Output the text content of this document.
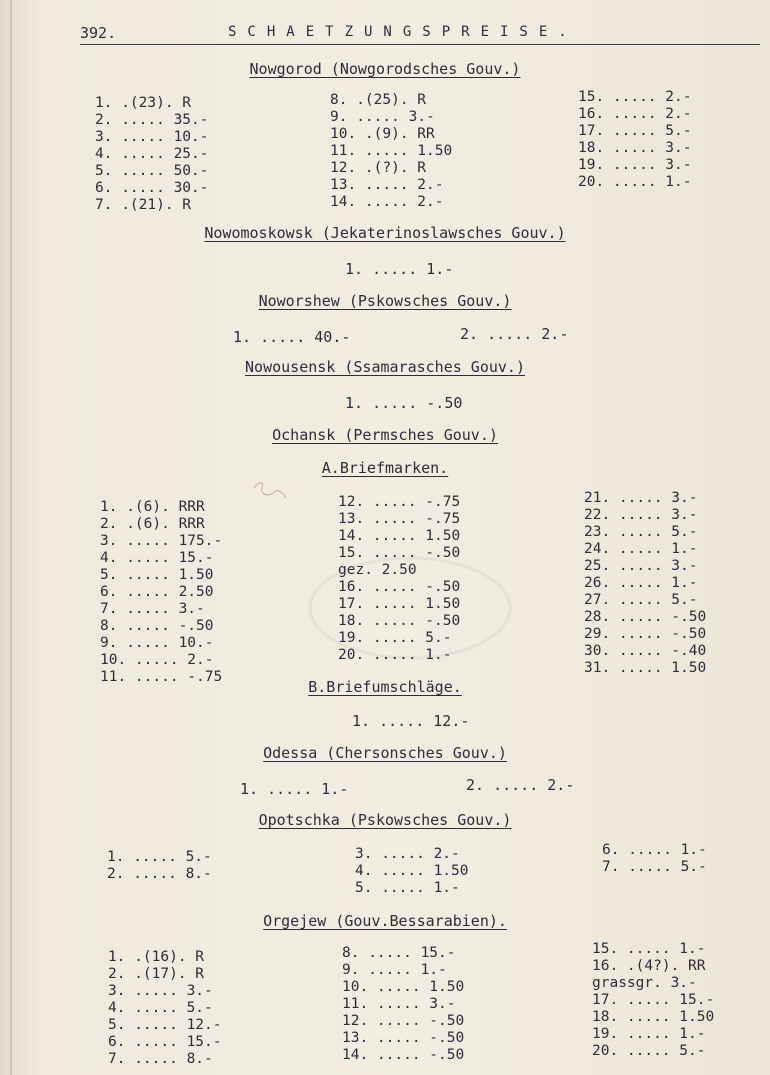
392.	SCHAETZUNGSPREISE.
Nowgorod (Nowgorodsches Gouv.)
1. .(23). R
2. ..... 35.-
3. ..... 10.-
4. ..... 25.-
5. ..... 50.-
6. ..... 30.-
7. .(21). R
8. .(25). R
9. ..... 3.-
10. .(9). RR
11. ..... 1.50
12. .(?). R
13. ..... 2.-
14. ..... 2.-
15. ..... 2.-
16. ..... 2.-
17. ..... 5.-
18. ..... 3.-
19. ..... 3.-
20. ..... 1.-
Nowomoskowsk (Jekaterinoslawsches Gouv.)
1. ..... 1.-
Noworshew (Pskowsches Gouv.)
1. ..... 40.-	2. ..... 2.-
Nowousensk (Ssamarasches Gouv.)
1. ..... -.50
Ochansk (Permsches Gouv.)
A.Briefmarken.
1. .(6). RRR
2. .(6). RRR
3. ..... 175.-
4. ..... 15.-
5. ..... 1.50
6. ..... 2.50
7. ..... 3.-
8. ..... -.50
9. ..... 10.-
10. ..... 2.-
11. ..... -.75
12. ..... -.75
13. ..... -.75
14. ..... 1.50
15. ..... -.50
gez. 2.50
16. ..... -.50
17. ..... 1.50
18. ..... -.50
19. ..... 5.-
20. ..... 1.-
21. ..... 3.-
22. ..... 3.-
23. ..... 5.-
24. ..... 1.-
25. ..... 3.-
26. ..... 1.-
27. ..... 5.-
28. ..... -.50
29. ..... -.50
30. ..... -.40
31. ..... 1.50
B.Briefumschläge.
1. ..... 12.-
Odessa (Chersonsches Gouv.)
1. ..... 1.-	2. ..... 2.-
Opotschka (Pskowsches Gouv.)
1. ..... 5.-
2. ..... 8.-
3. ..... 2.-
4. ..... 1.50
5. ..... 1.-
6. ..... 1.-
7. ..... 5.-
Orgejew (Gouv.Bessarabien).
1. .(16). R
2. .(17). R
3. ..... 3.-
4. ..... 5.-
5. ..... 12.-
6. ..... 15.-
7. ..... 8.-
8. ..... 15.-
9. ..... 1.-
10. ..... 1.50
11. ..... 3.-
12. ..... -.50
13. ..... -.50
14. ..... -.50
15. ..... 1.-
16. .(4?). RR
grassgr. 3.-
17. ..... 15.-
18. ..... 1.50
19. ..... 1.-
20. ..... 5.-
